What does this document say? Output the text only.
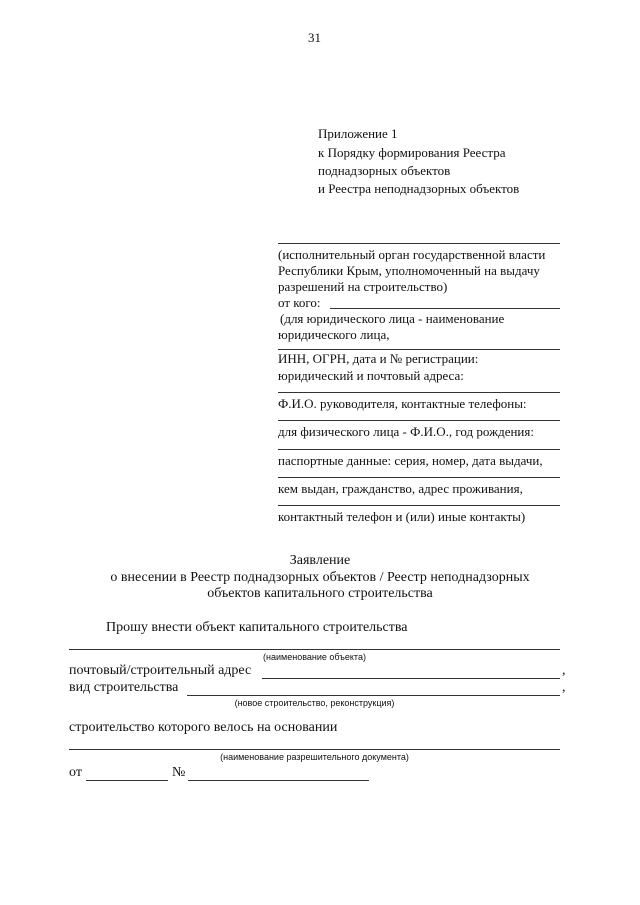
31
Приложение 1
к Порядку формирования Реестра
поднадзорных объектов
и Реестра неподнадзорных объектов
(исполнительный орган государственной власти
Республики Крым, уполномоченный на выдачу
разрешений на строительство)
от кого:
(для юридического лица - наименование
юридического лица,
ИНН, ОГРН, дата и № регистрации:
юридический и почтовый адреса:
Ф.И.О. руководителя, контактные телефоны:
для физического лица - Ф.И.О., год рождения:
паспортные данные: серия, номер, дата выдачи,
кем выдан, гражданство, адрес проживания,
контактный телефон и (или) иные контакты)
Заявление
о внесении в Реестр поднадзорных объектов / Реестр неподнадзорных
объектов капитального строительства
Прошу внести объект капитального строительства
(наименование объекта)
почтовый/строительный адрес	,
вид строительства	,
(новое строительство, реконструкция)
строительство которого велось на основании
(наименование разрешительного документа)
от	№
